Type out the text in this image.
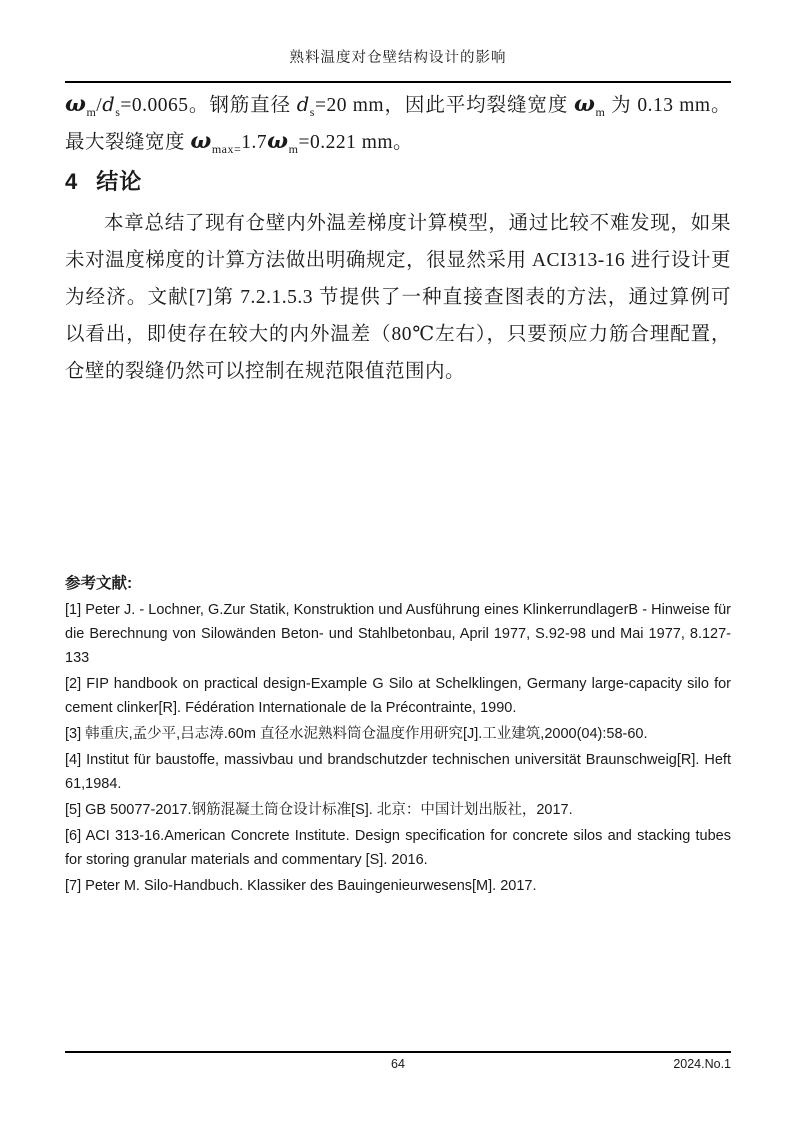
熟料温度对仓壁结构设计的影响

$\omega_m/d_s=0.0065$。钢筋直径 $d_s=20$ mm，因此平均裂缝宽度 $\omega_m$ 为 0.13 mm。最大裂缝宽度 $\omega_{max=}1.7\omega_m=0.221$ mm。

4 结论

本章总结了现有仓壁内外温差梯度计算模型，通过比较不难发现，如果未对温度梯度的计算方法做出明确规定，很显然采用 ACI313-16 进行设计更为经济。文献[7]第 7.2.1.5.3 节提供了一种直接查图表的方法，通过算例可以看出，即使存在较大的内外温差（80℃左右），只要预应力筋合理配置，仓壁的裂缝仍然可以控制在规范限值范围内。

参考文献:

[1] Peter J. - Lochner, G.Zur Statik, Konstruktion und Ausführung eines KlinkerrundlagerB - Hinweise für die Berechnung von Silowänden Beton- und Stahlbetonbau, April 1977, S.92-98 und Mai 1977, 8.127-133

[2] FIP handbook on practical design-Example G Silo at Schelklingen, Germany large-capacity silo for cement clinker[R]. Fédération Internationale de la Précontrainte, 1990.

[3] 韩重庆,孟少平,吕志涛.60m 直径水泥熟料筒仓温度作用研究[J].工业建筑,2000(04):58-60.

[4] Institut für baustoffe, massivbau und brandschutzder technischen universität Braunschweig[R]. Heft 61,1984.

[5] GB 50077-2017.钢筋混凝土筒仓设计标准[S]. 北京：中国计划出版社，2017.

[6] ACI 313-16.American Concrete Institute. Design specification for concrete silos and stacking tubes for storing granular materials and commentary [S]. 2016.

[7] Peter M. Silo-Handbuch. Klassiker des Bauingenieurwesens[M]. 2017.

64	2024.No.1
